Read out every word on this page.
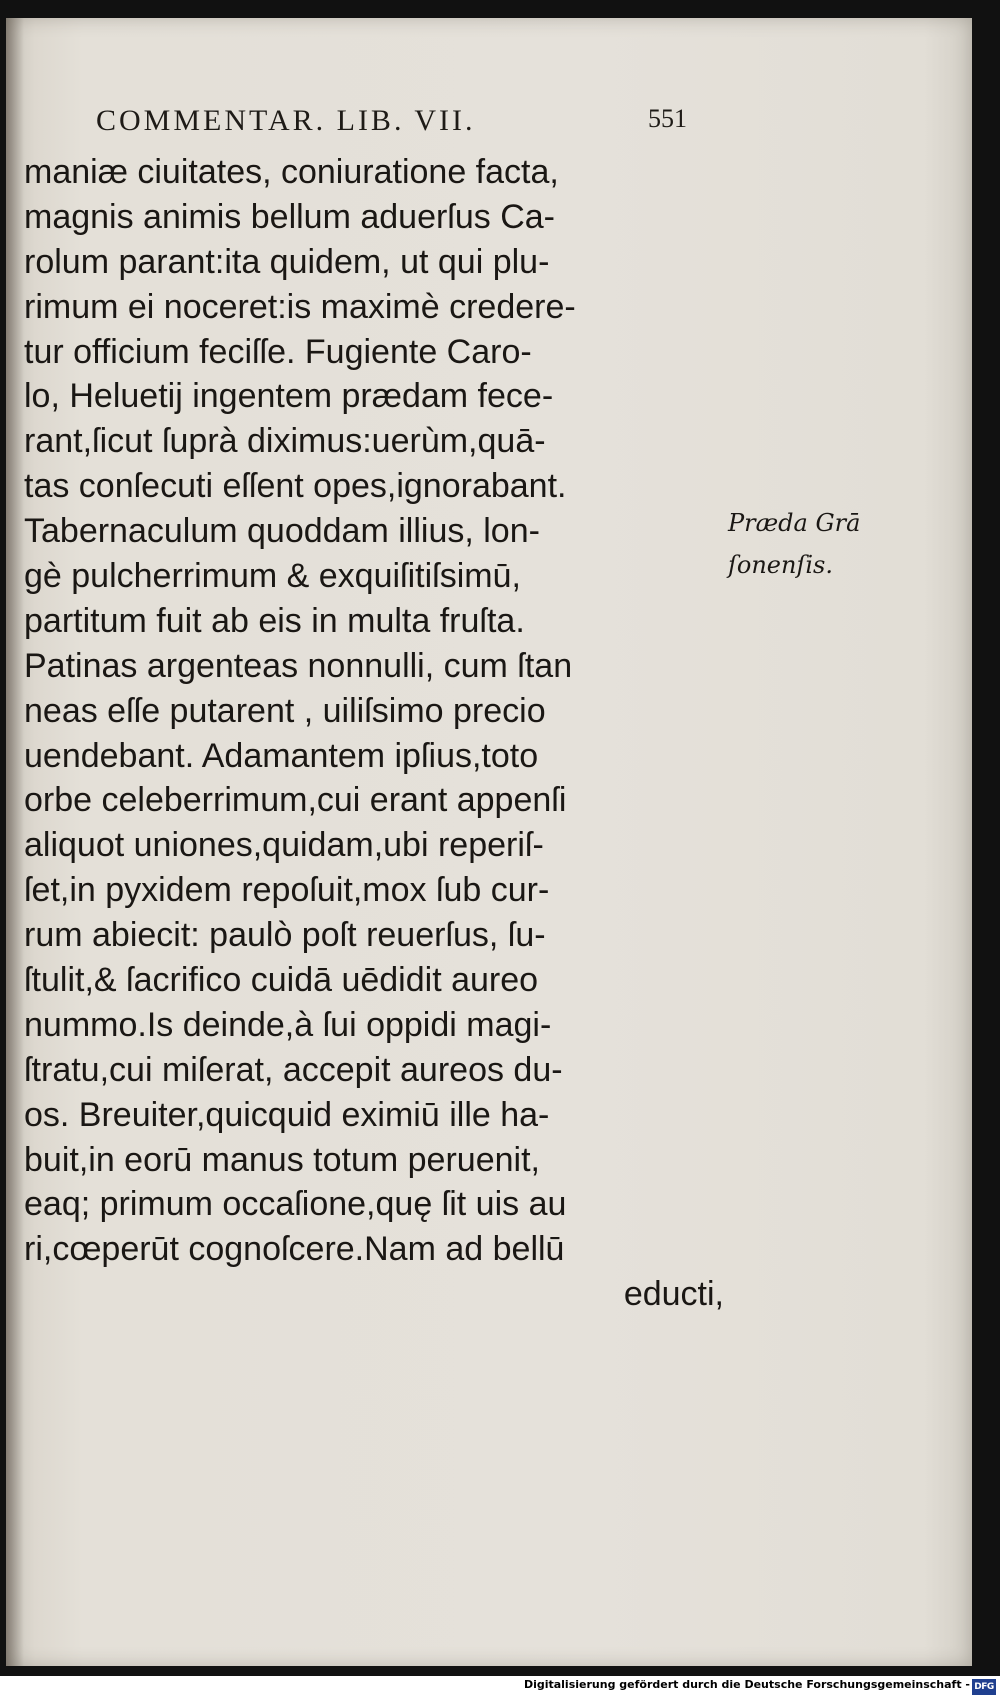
COMMENTAR. LIB. VII.	551
maniæ ciuitates, coniuratione facta,
magnis animis bellum aduerſus Ca-
rolum parant:ita quidem, ut qui plu-
rimum ei noceret:is maximè credere-
tur officium feciſſe. Fugiente Caro-
lo, Heluetij ingentem prædam fece-
rant,ſicut ſuprà diximus:uerùm,quā-
tas conſecuti eſſent opes,ignorabant.
Tabernaculum quoddam illius, lon-
gè pulcherrimum & exquiſitiſsimū,
partitum fuit ab eis in multa fruſta.
Patinas argenteas nonnulli, cum ſtan
neas eſſe putarent , uiliſsimo precio
uendebant. Adamantem ipſius,toto
orbe celeberrimum,cui erant appenſi
aliquot uniones,quidam,ubi reperiſ-
ſet,in pyxidem repoſuit,mox ſub cur-
rum abiecit: paulò poſt reuerſus, ſu-
ſtulit,& ſacrifico cuidā uēdidit aureo
nummo.Is deinde,à ſui oppidi magi-
ſtratu,cui miſerat, accepit aureos du-
os. Breuiter,quicquid eximiū ille ha-
buit,in eorū manus totum peruenit,
eaq; primum occaſione,quę ſit uis au
ri,cœperūt cognoſcere.Nam ad bellū
educti,
Præda Grā
ſonenſis.
Digitalisierung gefördert durch die Deutsche Forschungsgemeinschaft - DFG
